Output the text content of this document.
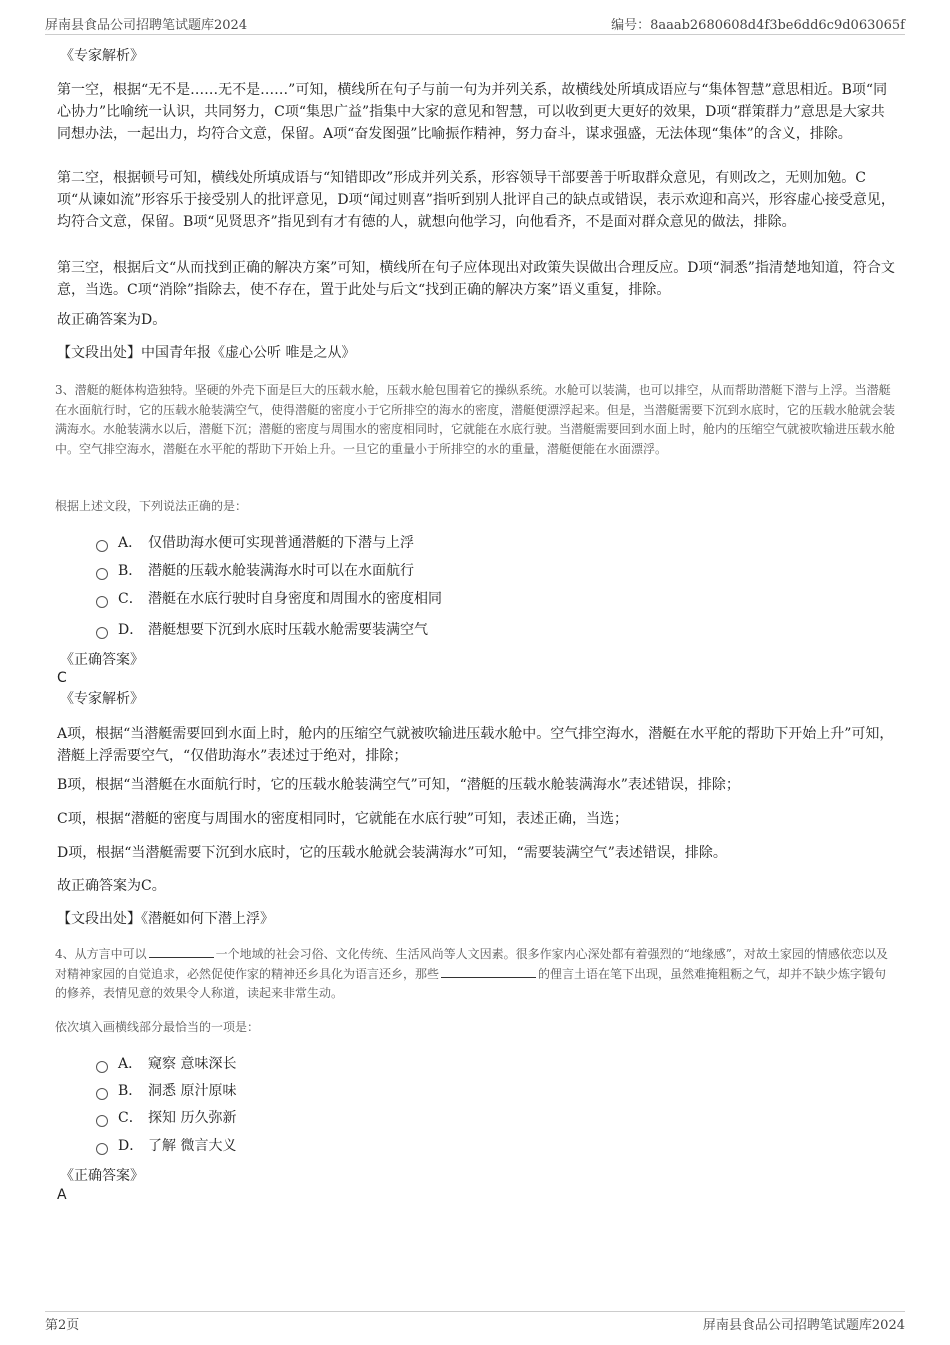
屏南县食品公司招聘笔试题库2024	编号：8aaab2680608d4f3be6dd6c9d063065f
《专家解析》
第一空，根据“无不是……无不是……”可知，横线所在句子与前一句为并列关系，故横线处所填成语应与“集体智慧”意思相近。B项“同心协力”比喻统一认识，共同努力，C项“集思广益”指集中大家的意见和智慧，可以收到更大更好的效果，D项“群策群力”意思是大家共同想办法，一起出力，均符合文意，保留。A项“奋发图强”比喻振作精神，努力奋斗，谋求强盛，无法体现“集体”的含义，排除。
第二空，根据顿号可知，横线处所填成语与“知错即改”形成并列关系，形容领导干部要善于听取群众意见，有则改之，无则加勉。C项“从谏如流”形容乐于接受别人的批评意见，D项“闻过则喜”指听到别人批评自己的缺点或错误，表示欢迎和高兴，形容虚心接受意见，均符合文意，保留。B项“见贤思齐”指见到有才有德的人，就想向他学习，向他看齐，不是面对群众意见的做法，排除。
第三空，根据后文“从而找到正确的解决方案”可知，横线所在句子应体现出对政策失误做出合理反应。D项“洞悉”指清楚地知道，符合文意，当选。C项“消除”指除去，使不存在，置于此处与后文“找到正确的解决方案”语义重复，排除。
故正确答案为D。
【文段出处】中国青年报《虚心公听 唯是之从》
3、潜艇的艇体构造独特。坚硬的外壳下面是巨大的压载水舱，压载水舱包围着它的操纵系统。水舱可以装满，也可以排空，从而帮助潜艇下潜与上浮。当潜艇在水面航行时，它的压载水舱装满空气，使得潜艇的密度小于它所排空的海水的密度，潜艇便漂浮起来。但是，当潜艇需要下沉到水底时，它的压载水舱就会装满海水。水舱装满水以后，潜艇下沉；潜艇的密度与周围水的密度相同时，它就能在水底行驶。当潜艇需要回到水面上时，舱内的压缩空气就被吹输进压载水舱中。空气排空海水，潜艇在水平舵的帮助下开始上升。一旦它的重量小于所排空的水的重量，潜艇便能在水面漂浮。
根据上述文段，下列说法正确的是：
A． 仅借助海水便可实现普通潜艇的下潜与上浮
B． 潜艇的压载水舱装满海水时可以在水面航行
C． 潜艇在水底行驶时自身密度和周围水的密度相同
D． 潜艇想要下沉到水底时压载水舱需要装满空气
《正确答案》
C
《专家解析》
A项，根据“当潜艇需要回到水面上时，舱内的压缩空气就被吹输进压载水舱中。空气排空海水，潜艇在水平舵的帮助下开始上升”可知，潜艇上浮需要空气，“仅借助海水”表述过于绝对，排除；
B项，根据“当潜艇在水面航行时，它的压载水舱装满空气”可知，“潜艇的压载水舱装满海水”表述错误，排除；
C项，根据“潜艇的密度与周围水的密度相同时，它就能在水底行驶”可知，表述正确，当选；
D项，根据“当潜艇需要下沉到水底时，它的压载水舱就会装满海水”可知，“需要装满空气”表述错误，排除。
故正确答案为C。
【文段出处】《潜艇如何下潜上浮》
4、从方言中可以	一个地域的社会习俗、文化传统、生活风尚等人文因素。很多作家内心深处都有着强烈的“地缘感”，对故土家园的情感依恋以及对精神家园的自觉追求，必然促使作家的精神还乡具化为语言还乡，那些	的俚言土语在笔下出现，虽然难掩粗粝之气，却并不缺少炼字锻句的修养，表情见意的效果令人称道，读起来非常生动。
依次填入画横线部分最恰当的一项是：
A． 窥察 意味深长
B． 洞悉 原汁原味
C． 探知 历久弥新
D． 了解 微言大义
《正确答案》
A
第2页	屏南县食品公司招聘笔试题库2024
